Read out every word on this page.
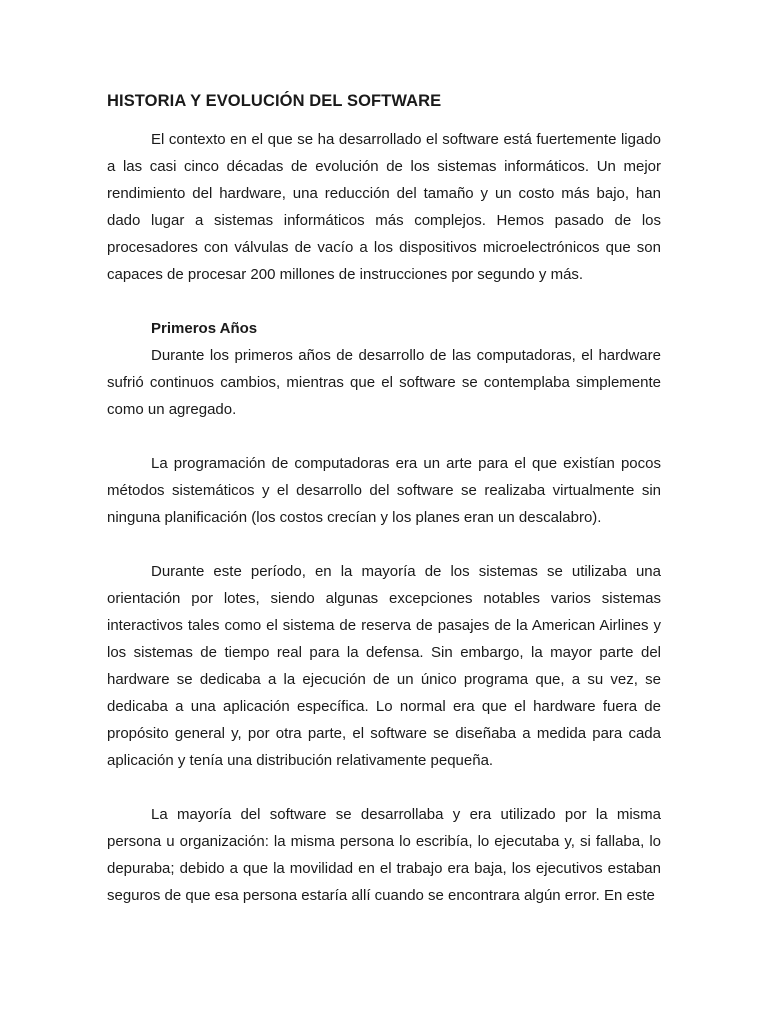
HISTORIA Y EVOLUCIÓN DEL SOFTWARE

El contexto en el que se ha desarrollado el software está fuertemente ligado a las casi cinco décadas de evolución de los sistemas informáticos. Un mejor rendimiento del hardware, una reducción del tamaño y un costo más bajo, han dado lugar a sistemas informáticos más complejos. Hemos pasado de los procesadores con válvulas de vacío a los dispositivos microelectrónicos que son capaces de procesar 200 millones de instrucciones por segundo y más.

Primeros Años

Durante los primeros años de desarrollo de las computadoras, el hardware sufrió continuos cambios, mientras que el software se contemplaba simplemente como un agregado.

La programación de computadoras era un arte para el que existían pocos métodos sistemáticos y el desarrollo del software se realizaba virtualmente sin ninguna planificación (los costos crecían y los planes eran un descalabro).

Durante este período, en la mayoría de los sistemas se utilizaba una orientación por lotes, siendo algunas excepciones notables varios sistemas interactivos tales como el sistema de reserva de pasajes de la American Airlines y los sistemas de tiempo real para la defensa. Sin embargo, la mayor parte del hardware se dedicaba a la ejecución de un único programa que, a su vez, se dedicaba a una aplicación específica. Lo normal era que el hardware fuera de propósito general y, por otra parte, el software se diseñaba a medida para cada aplicación y tenía una distribución relativamente pequeña.

La mayoría del software se desarrollaba y era utilizado por la misma persona u organización: la misma persona lo escribía, lo ejecutaba y, si fallaba, lo depuraba; debido a que la movilidad en el trabajo era baja, los ejecutivos estaban seguros de que esa persona estaría allí cuando se encontrara algún error. En este
